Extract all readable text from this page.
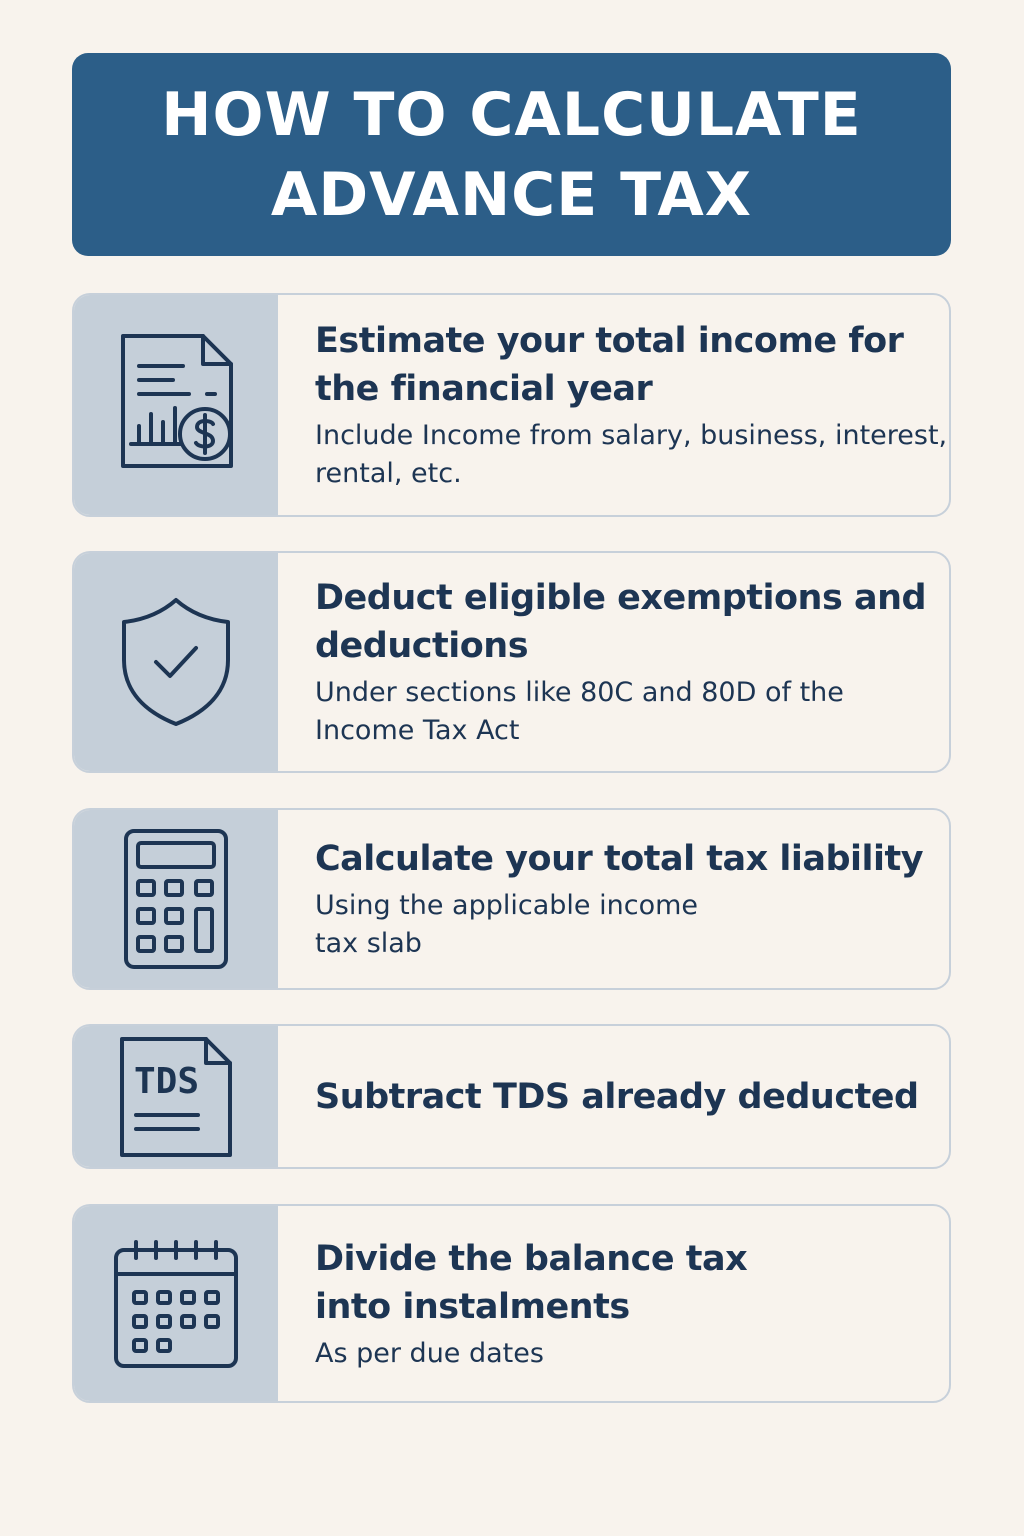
HOW TO CALCULATE ADVANCE TAX

Estimate your total income for the financial year

Include Income from salary, business, interest, rental, etc.

Deduct eligible exemptions and deductions

Under sections like 80C and 80D of the Income Tax Act

Calculate your total tax liability

Using the applicable income tax slab

TDS	Subtract TDS already deducted

Divide the balance tax into instalments

As per due dates
